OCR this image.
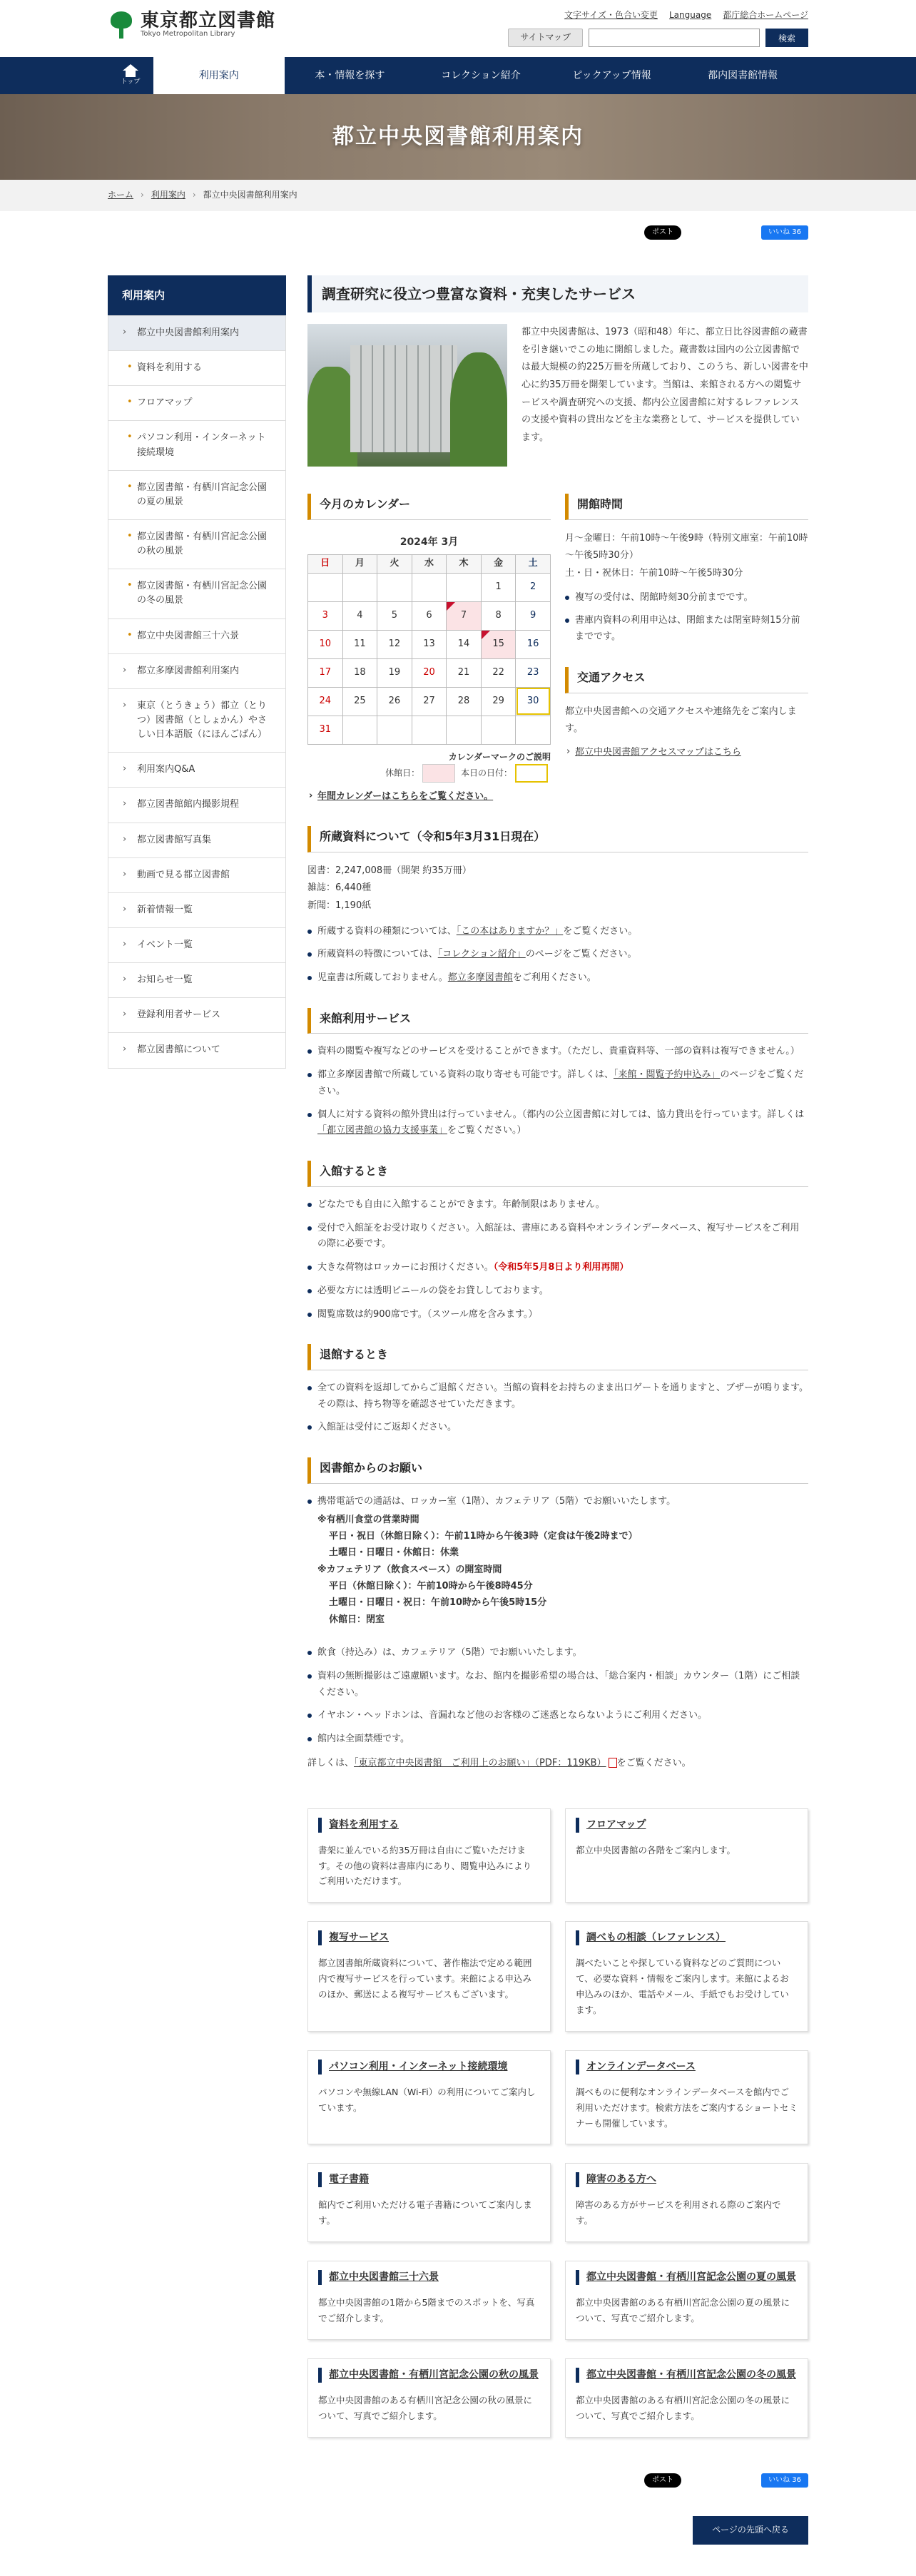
東京都立図書館
Tokyo Metropolitan Library
文字サイズ・色合い変更 Language 都庁総合ホームページ
サイトマップ	検索
トップ
利用案内	本・情報を探す	コレクション紹介	ピックアップ情報	都内図書館情報
都立中央図書館利用案内
ホーム › 利用案内 › 都立中央図書館利用案内
ポスト	いいね 36
利用案内
› 都立中央図書館利用案内
• 資料を利用する
• フロアマップ
• パソコン利用・インターネット接続環境
• 都立図書館・有栖川宮記念公園の夏の風景
• 都立図書館・有栖川宮記念公園の秋の風景
• 都立図書館・有栖川宮記念公園の冬の風景
• 都立中央図書館三十六景
› 都立多摩図書館利用案内
› 東京（とうきょう）都立（とりつ）図書館（としょかん）やさしい日本語版（にほんごばん）
› 利用案内Q&A
› 都立図書館館内撮影規程
› 都立図書館写真集
› 動画で見る都立図書館
› 新着情報一覧
› イベント一覧
› お知らせ一覧
› 登録利用者サービス
› 都立図書館について
調査研究に役立つ豊富な資料・充実したサービス

都立中央図書館は、1973（昭和48）年に、都立日比谷図書館の蔵書を引き継いでこの地に開館しました。蔵書数は国内の公立図書館では最大規模の約225万冊を所蔵しており、このうち、新しい図書を中心に約35万冊を開架しています。当館は、来館される方への閲覧サービスや調査研究への支援、都内公立図書館に対するレファレンスの支援や資料の貸出などを主な業務として、サービスを提供しています。

今月のカレンダー
2024年 3月
日	月	火	水	木	金	土
					1	2
3	4	5	6	7	8	9
10	11	12	13	14	15	16
17	18	19	20	21	22	23
24	25	26	27	28	29	30
31						
カレンダーマークのご説明
休館日：	本日の日付：
› 年間カレンダーはこちらをご覧ください。
開館時間

月～金曜日：午前10時～午後9時（特別文庫室：午前10時～午後5時30分）

土・日・祝休日：午前10時～午後5時30分

複写の受付は、閉館時刻30分前までです。
書庫内資料の利用申込は、閉館または閉室時刻15分前までです。
交通アクセス

都立中央図書館への交通アクセスや連絡先をご案内します。

› 都立中央図書館アクセスマップはこちら
所蔵資料について（令和5年3月31日現在）

図書：2,247,008冊（開架 約35万冊）

雑誌：6,440種

新聞：1,190紙

所蔵する資料の種類については、「この本はありますか？」をご覧ください。
所蔵資料の特徴については、「コレクション紹介」のページをご覧ください。
児童書は所蔵しておりません。都立多摩図書館をご利用ください。
来館利用サービス
資料の閲覧や複写などのサービスを受けることができます。（ただし、貴重資料等、一部の資料は複写できません。）
都立多摩図書館で所蔵している資料の取り寄せも可能です。詳しくは、「来館・閲覧予約申込み」のページをご覧ください。
個人に対する資料の館外貸出は行っていません。（都内の公立図書館に対しては、協力貸出を行っています。詳しくは「都立図書館の協力支援事業」をご覧ください。）
入館するとき
どなたでも自由に入館することができます。年齢制限はありません。
受付で入館証をお受け取りください。入館証は、書庫にある資料やオンラインデータベース、複写サービスをご利用の際に必要です。
大きな荷物はロッカーにお預けください。（令和5年5月8日より利用再開）
必要な方には透明ビニールの袋をお貸ししております。
閲覧席数は約900席です。（スツール席を含みます。）
退館するとき
全ての資料を返却してからご退館ください。当館の資料をお持ちのまま出口ゲートを通りますと、ブザーが鳴ります。その際は、持ち物等を確認させていただきます。
入館証は受付にご返却ください。
図書館からのお願い
携帯電話での通話は、ロッカー室（1階）、カフェテリア（5階）でお願いいたします。
※有栖川食堂の営業時間
平日・祝日（休館日除く）：午前11時から午後3時（定食は午後2時まで）
土曜日・日曜日・休館日：休業
※カフェテリア（飲食スペース）の開室時間
平日（休館日除く）：午前10時から午後8時45分
土曜日・日曜日・祝日：午前10時から午後5時15分
休館日：閉室
飲食（持込み）は、カフェテリア（5階）でお願いいたします。
資料の無断撮影はご遠慮願います。なお、館内を撮影希望の場合は、「総合案内・相談」カウンター（1階）にご相談ください。
イヤホン・ヘッドホンは、音漏れなど他のお客様のご迷惑とならないようにご利用ください。
館内は全面禁煙です。

詳しくは、「東京都立中央図書館　ご利用上のお願い」（PDF：119KB） をご覧ください。

資料を利用する
書架に並んでいる約35万冊は自由にご覧いただけます。その他の資料は書庫内にあり、閲覧申込みによりご利用いただけます。
フロアマップ
都立中央図書館の各階をご案内します。
複写サービス
都立図書館所蔵資料について、著作権法で定める範囲内で複写サービスを行っています。来館による申込みのほか、郵送による複写サービスもございます。
調べもの相談（レファレンス）
調べたいことや探している資料などのご質問について、必要な資料・情報をご案内します。来館によるお申込みのほか、電話やメール、手紙でもお受けしています。
パソコン利用・インターネット接続環境
パソコンや無線LAN（Wi-Fi）の利用についてご案内しています。
オンラインデータベース
調べものに便利なオンラインデータベースを館内でご利用いただけます。検索方法をご案内するショートセミナーも開催しています。
電子書籍
館内でご利用いただける電子書籍についてご案内します。
障害のある方へ
障害のある方がサービスを利用される際のご案内です。
都立中央図書館三十六景
都立中央図書館の1階から5階までのスポットを、写真でご紹介します。
都立中央図書館・有栖川宮記念公園の夏の風景
都立中央図書館のある有栖川宮記念公園の夏の風景について、写真でご紹介します。
都立中央図書館・有栖川宮記念公園の秋の風景
都立中央図書館のある有栖川宮記念公園の秋の風景について、写真でご紹介します。
都立中央図書館・有栖川宮記念公園の冬の風景
都立中央図書館のある有栖川宮記念公園の冬の風景について、写真でご紹介します。
ポスト	いいね 36
ページの先頭へ戻る
